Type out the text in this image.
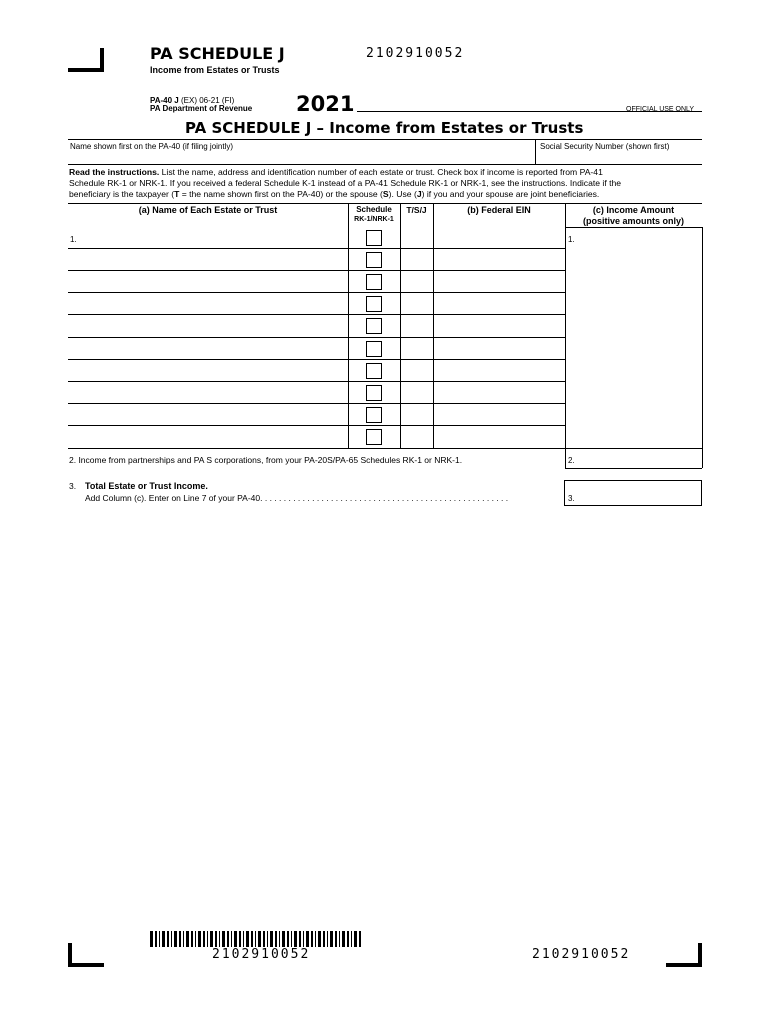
PA SCHEDULE J	2102910052
Income from Estates or Trusts
PA-40 J (EX) 06-21 (FI)
PA Department of Revenue 2021	OFFICIAL USE ONLY
PA SCHEDULE J – Income from Estates or Trusts
Name shown first on the PA-40 (if filing jointly)	Social Security Number (shown first)
Read the instructions. List the name, address and identification number of each estate or trust. Check box if income is reported from PA-41
Schedule RK-1 or NRK-1. If you received a federal Schedule K-1 instead of a PA-41 Schedule RK-1 or NRK-1, see the instructions. Indicate if the
beneficiary is the taxpayer (T = the name shown first on the PA-40) or the spouse (S). Use (J) if you and your spouse are joint beneficiaries.
(a) Name of Each Estate or Trust	Schedule
RK-1/NRK-1
T/S/J	(b) Federal EIN	(c) Income Amount
(positive amounts only)
1.	1.
2. Income from partnerships and PA S corporations, from your PA-20S/PA-65 Schedules RK-1 or NRK-1.	2.
3. Total Estate or Trust Income.
Add Column (c). Enter on Line 7 of your PA-40. . . . . . . . . . . . . . . . . . . . . . . . . . . . . . . . . . . . . . . . . . . . . . . . . . . . .	3.
2102910052	2102910052
